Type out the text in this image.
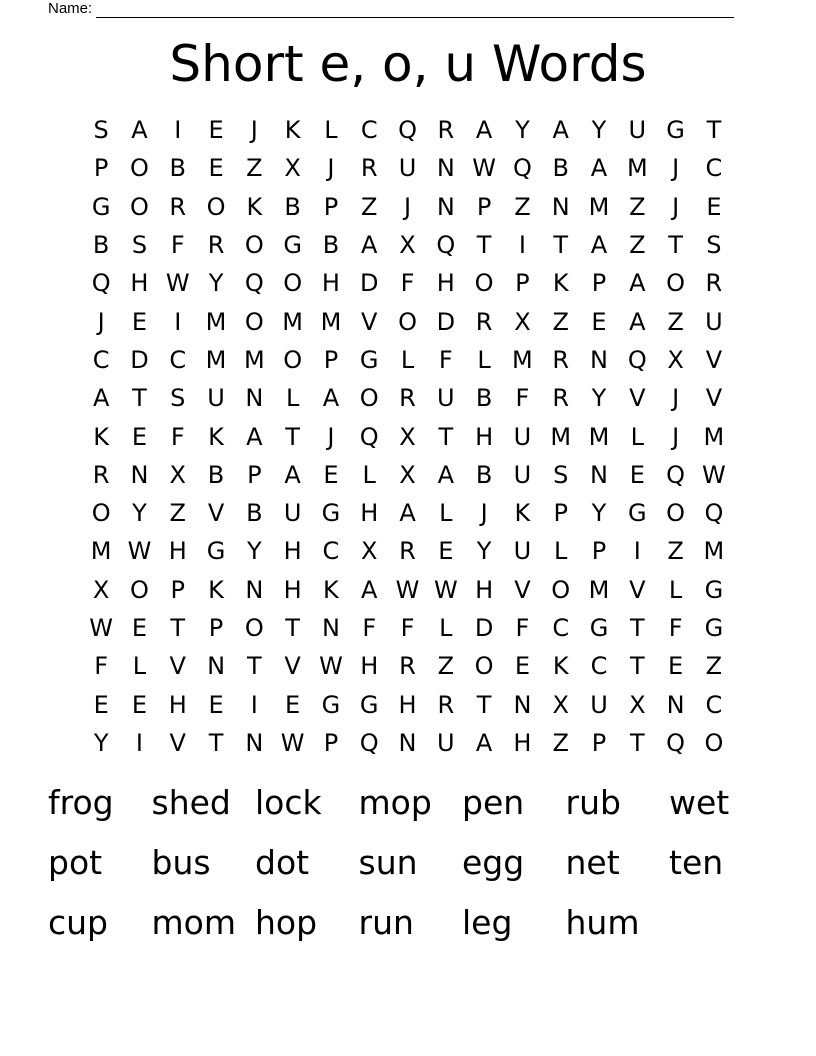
Name:
Short e, o, u Words
S A	I	E	J	K L C Q R A Y A Y U G T
P O B E Z X	J	R U N W Q B A M	J	C
G O R O K B P Z	J	N P Z N M Z	J	E
B S F R O G B A X Q T	I	T A Z T S
Q H W Y Q O H D F H O P K P A O R
J	E	I	M O M M V O D R X Z E A Z U
C D C M M O P G L	F	L M R N Q X V
A T S U N L A O R U B F R Y V	J	V
K E F K A T	J	Q X T H U M M L	J	M
R N X B P A E	L X A B U S N E Q W
O Y Z V B U G H A L	J	K P Y G O Q
M W H G Y H C X R E Y U L	P	I	Z M
X O P K N H K A W W H V O M V L G
W E T P O T N F	F	L D F C G T	F G
F	L V N T V W H R Z O E K C T E Z
E E H E	I	E G G H R T N X U X N C
Y	I	V T N W P Q N U A H Z P T Q O
frog	shed lock	mop pen	rub	wet
pot	bus	dot	sun	egg	net	ten
cup	mom hop	run	leg	hum
